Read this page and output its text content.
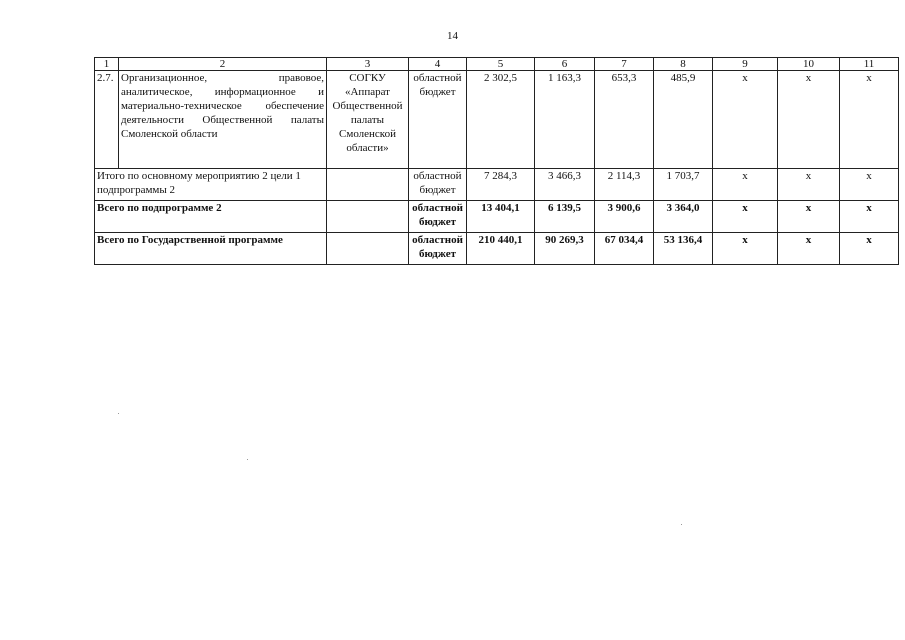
14
1	2	3	4	5	6	7	8	9	10	11
2.7.	Организационное, правовое, аналитическое, информационное и материально-техническое обеспечение деятельности Общественной палаты Смоленской области	СОГКУ «Аппарат Общественной палаты Смоленской области»	областной бюджет	2 302,5	1 163,3	653,3	485,9	х	х	х
Итого по основному мероприятию 2 цели 1 подпрограммы 2			областной бюджет	7 284,3	3 466,3	2 114,3	1 703,7	х	х	х
Всего по подпрограмме 2			областной бюджет	13 404,1	6 139,5	3 900,6	3 364,0	х	х	х
Всего по Государственной программе			областной бюджет	210 440,1	90 269,3	67 034,4	53 136,4	х	х	х
